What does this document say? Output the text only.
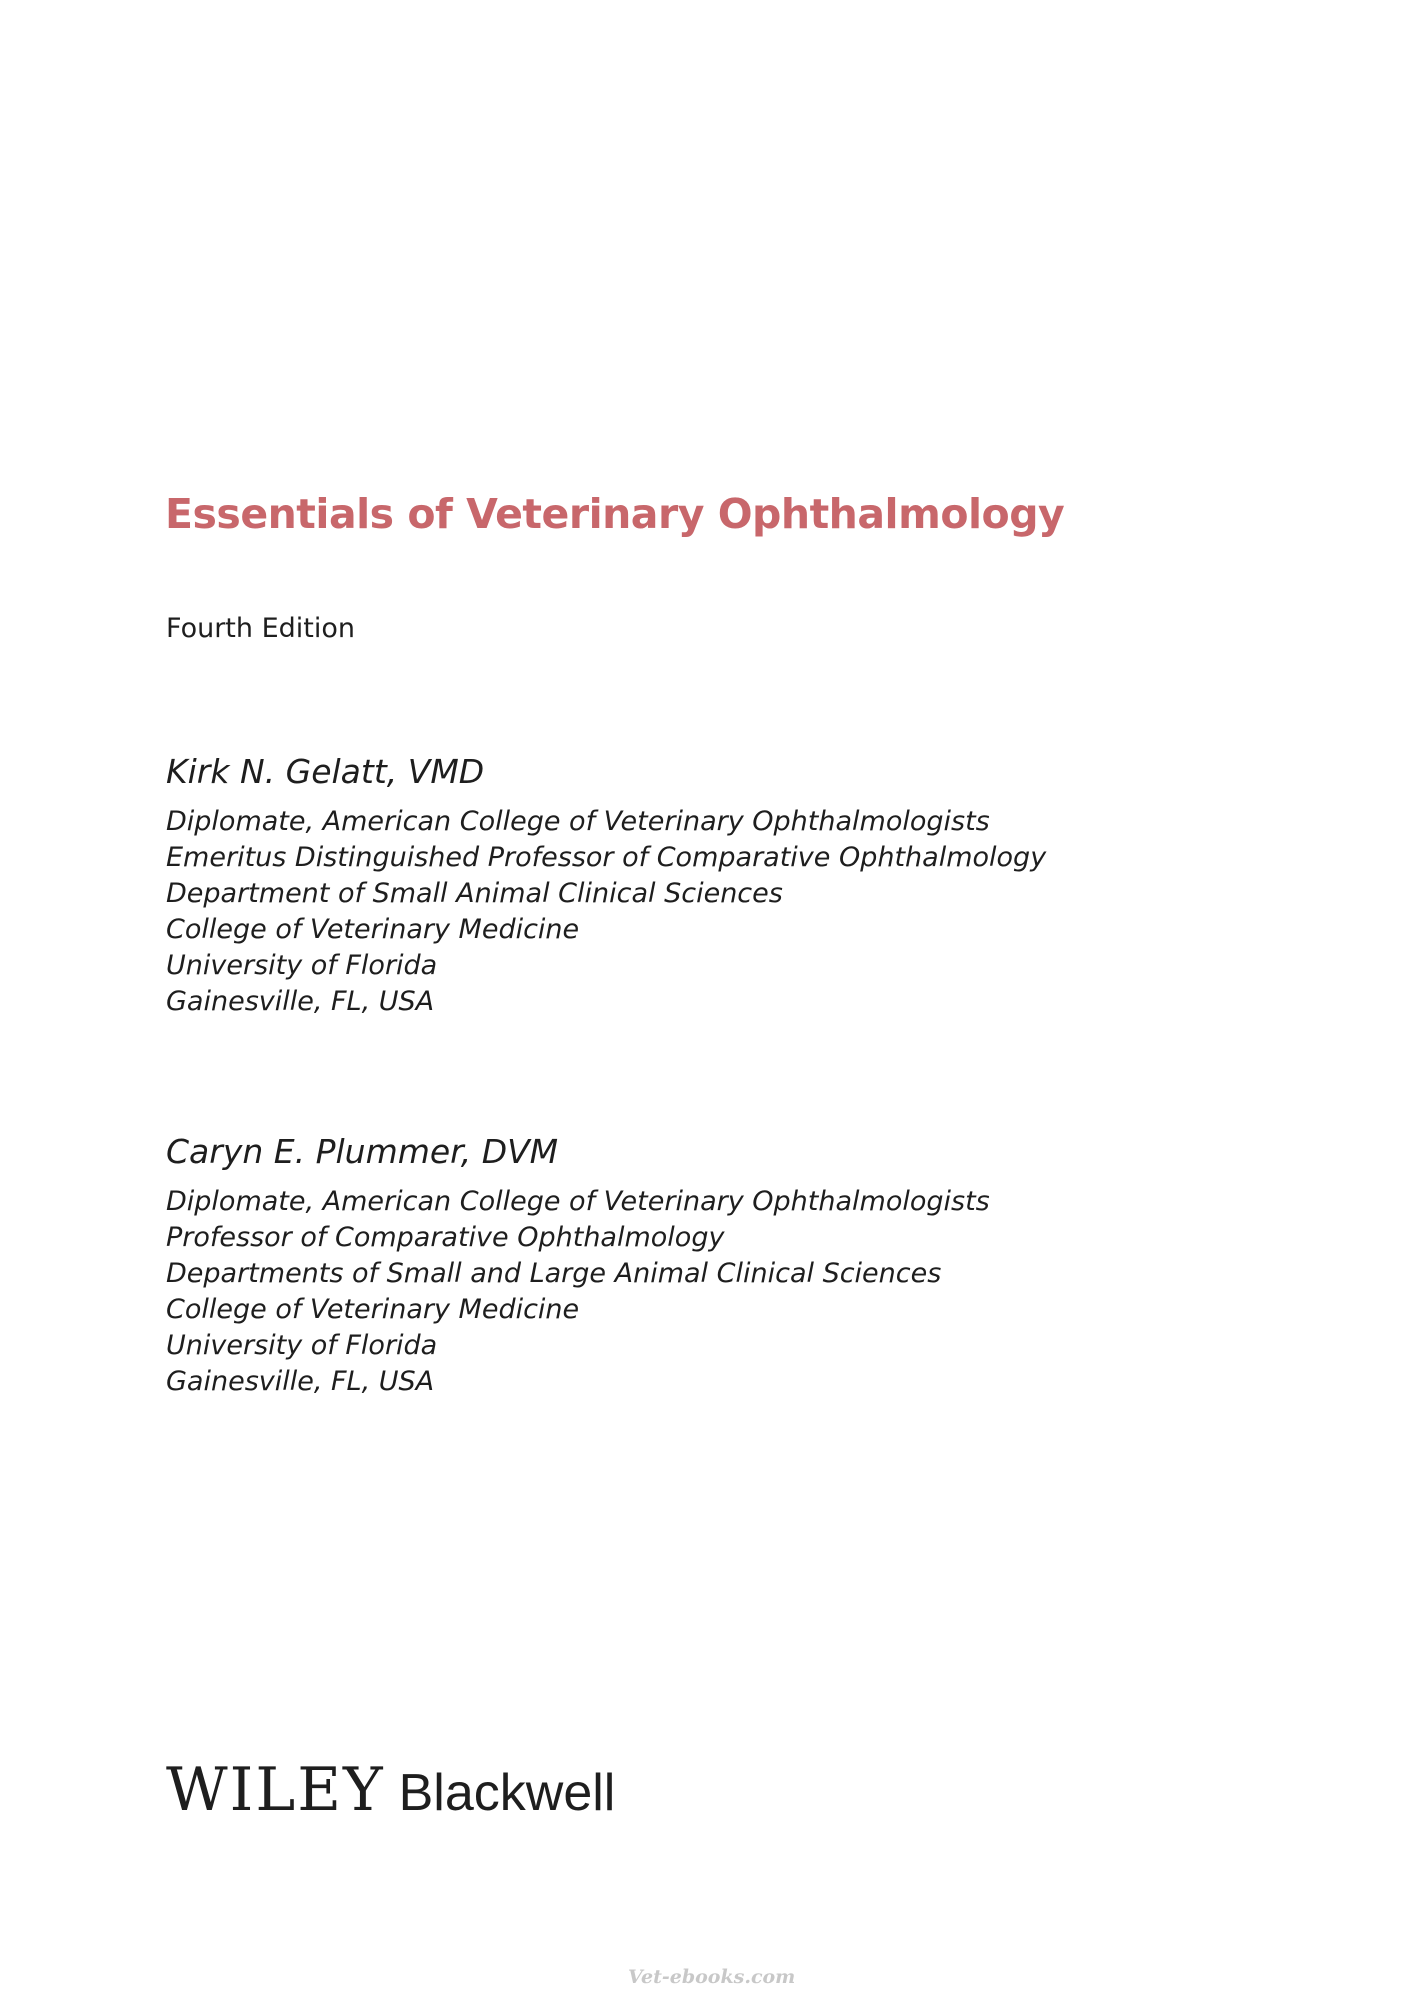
Essentials of Veterinary Ophthalmology

Fourth Edition

Kirk N. Gelatt, VMD

Diplomate, American College of Veterinary Ophthalmologists
Emeritus Distinguished Professor of Comparative Ophthalmology
Department of Small Animal Clinical Sciences
College of Veterinary Medicine
University of Florida
Gainesville, FL, USA

Caryn E. Plummer, DVM

Diplomate, American College of Veterinary Ophthalmologists
Professor of Comparative Ophthalmology
Departments of Small and Large Animal Clinical Sciences
College of Veterinary Medicine
University of Florida
Gainesville, FL, USA
WILEY Blackwell
Vet-ebooks.com
